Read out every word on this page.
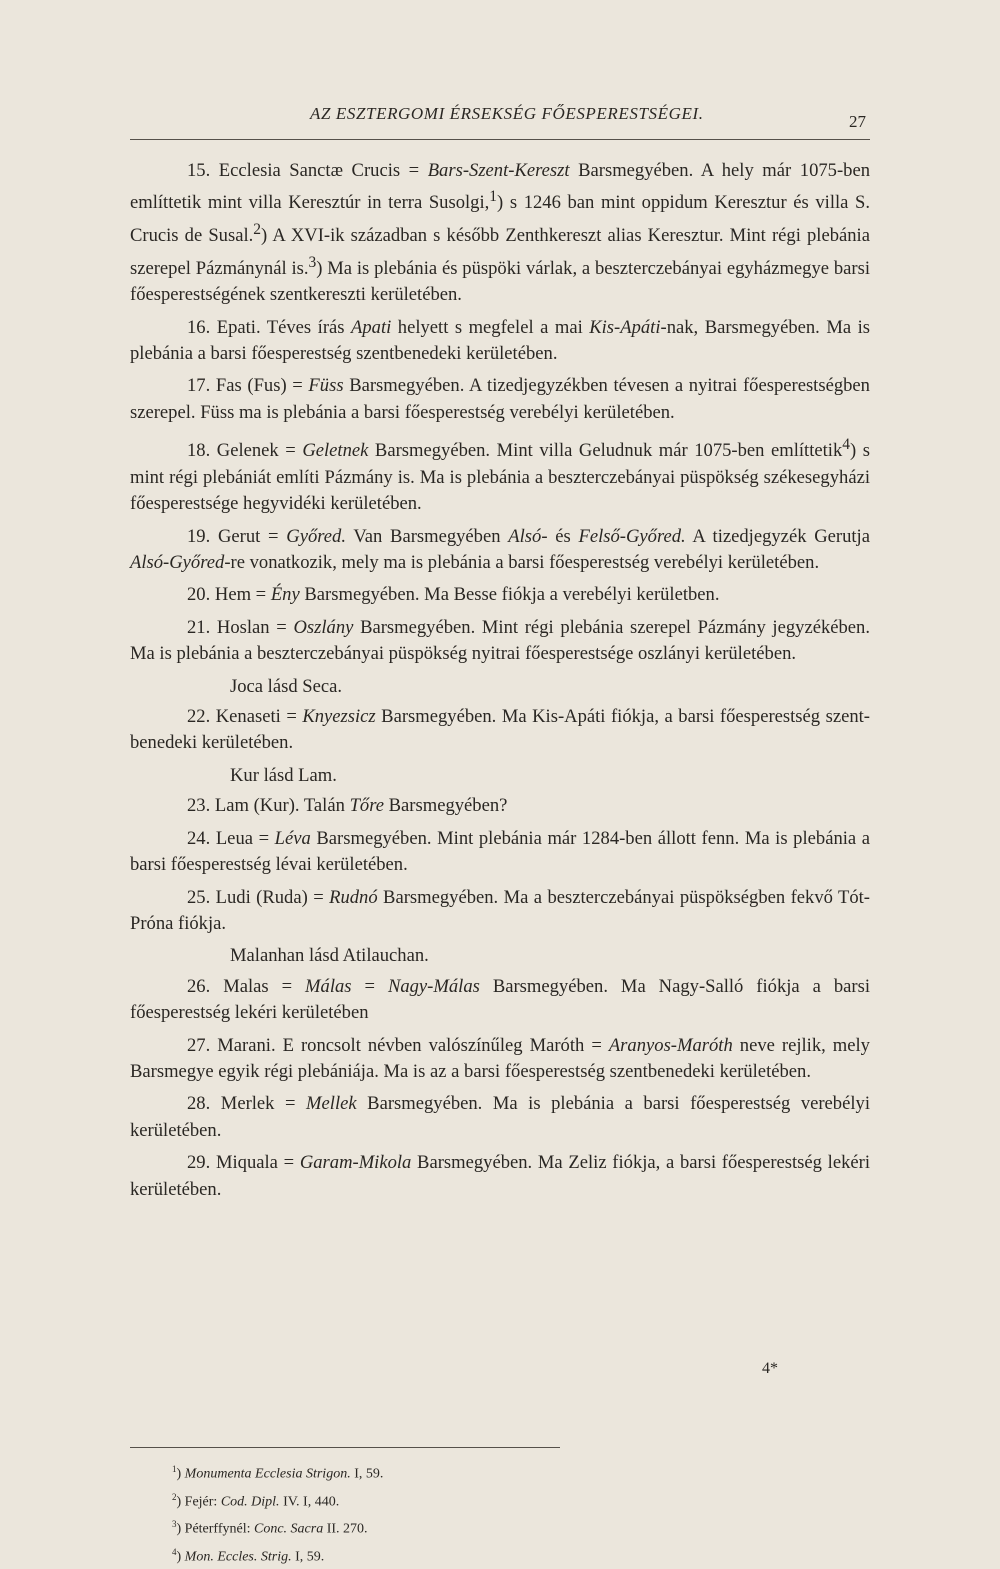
AZ ESZTERGOMI ÉRSEKSÉG FŐESPERESTSÉGEI.	27

15. Ecclesia Sanctæ Crucis = Bars-Szent-Kereszt Barsmegyében. A hely már 1075-ben említtetik mint villa Keresztúr in terra Susolgi,$^1$) s 1246 ban mint oppidum Keresztur és villa S. Crucis de Susal.$^2$) A XVI-ik században s később Zenthkereszt alias Keresztur. Mint régi plebánia szerepel Pázmánynál is.$^3$) Ma is plebánia és püspöki várlak, a beszterczebányai egyházmegye barsi főesperestségének szentkereszti kerületében.

16. Epati. Téves írás Apati helyett s megfelel a mai Kis-Apáti-nak, Barsmegyében. Ma is plebánia a barsi főesperestség szentbenedeki kerületében.

17. Fas (Fus) = Füss Barsmegyében. A tizedjegyzékben tévesen a nyitrai főesperestségben szerepel. Füss ma is plebánia a barsi főesperestség verebélyi kerületében.

18. Gelenek = Geletnek Barsmegyében. Mint villa Geludnuk már 1075-ben említtetik$^4$) s mint régi plebániát említi Pázmány is. Ma is plebánia a beszterczebányai püspökség székesegyházi főesperestsége hegyvidéki kerületében.

19. Gerut = Győred. Van Barsmegyében Alsó- és Felső-Győred. A tizedjegyzék Gerutja Alsó-Győred-re vonatkozik, mely ma is plebánia a barsi főesperestség verebélyi kerületében.

20. Hem = Ény Barsmegyében. Ma Besse fiókja a verebélyi kerületben.

21. Hoslan = Oszlány Barsmegyében. Mint régi plebánia szerepel Pázmány jegyzékében. Ma is plebánia a beszterczebányai püspökség nyitrai főesperestsége oszlányi kerületében.

Joca lásd Seca.

22. Kenaseti = Knyezsicz Barsmegyében. Ma Kis-Apáti fiókja, a barsi főesperestség szent-benedeki kerületében.

Kur lásd Lam.

23. Lam (Kur). Talán Tőre Barsmegyében?

24. Leua = Léva Barsmegyében. Mint plebánia már 1284-ben állott fenn. Ma is plebánia a barsi főesperestség lévai kerületében.

25. Ludi (Ruda) = Rudnó Barsmegyében. Ma a beszterczebányai püspökségben fekvő Tót-Próna fiókja.

Malanhan lásd Atilauchan.

26. Malas = Málas = Nagy-Málas Barsmegyében. Ma Nagy-Salló fiókja a barsi főesperestség lekéri kerületében

27. Marani. E roncsolt névben valószínűleg Maróth = Aranyos-Maróth neve rejlik, mely Barsmegye egyik régi plebániája. Ma is az a barsi főesperestség szentbenedeki kerületében.

28. Merlek = Mellek Barsmegyében. Ma is plebánia a barsi főesperestség verebélyi kerületében.

29. Miquala = Garam-Mikola Barsmegyében. Ma Zeliz fiókja, a barsi főesperestség lekéri kerületében.

$^1$) Monumenta Ecclesia Strigon. I, 59.
$^2$) Fejér: Cod. Dipl. IV. I, 440.
$^3$) Péterffynél: Conc. Sacra II. 270.
$^4$) Mon. Eccles. Strig. I, 59.
4*
